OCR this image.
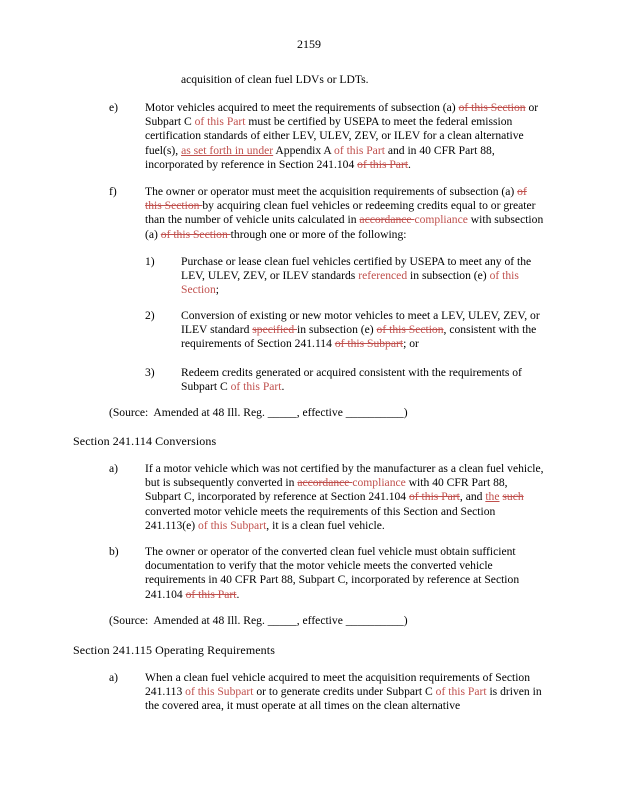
2159
acquisition of clean fuel LDVs or LDTs.
e) Motor vehicles acquired to meet the requirements of subsection (a) of this Section or Subpart C of this Part must be certified by USEPA to meet the federal emission certification standards of either LEV, ULEV, ZEV, or ILEV for a clean alternative fuel(s), as set forth in under Appendix A of this Part and in 40 CFR Part 88, incorporated by reference in Section 241.104 of this Part.
f) The owner or operator must meet the acquisition requirements of subsection (a) of this Section by acquiring clean fuel vehicles or redeeming credits equal to or greater than the number of vehicle units calculated in accordance compliance with subsection (a) of this Section through one or more of the following:
1) Purchase or lease clean fuel vehicles certified by USEPA to meet any of the LEV, ULEV, ZEV, or ILEV standards referenced in subsection (e) of this Section;
2) Conversion of existing or new motor vehicles to meet a LEV, ULEV, ZEV, or ILEV standard specified in subsection (e) of this Section, consistent with the requirements of Section 241.114 of this Subpart; or
3) Redeem credits generated or acquired consistent with the requirements of Subpart C of this Part.
(Source:  Amended at 48 Ill. Reg. _____, effective __________)
Section 241.114 Conversions
a) If a motor vehicle which was not certified by the manufacturer as a clean fuel vehicle, but is subsequently converted in accordance compliance with 40 CFR Part 88, Subpart C, incorporated by reference at Section 241.104 of this Part, and the such converted motor vehicle meets the requirements of this Section and Section 241.113(e) of this Subpart, it is a clean fuel vehicle.
b) The owner or operator of the converted clean fuel vehicle must obtain sufficient documentation to verify that the motor vehicle meets the converted vehicle requirements in 40 CFR Part 88, Subpart C, incorporated by reference at Section 241.104 of this Part.
(Source:  Amended at 48 Ill. Reg. _____, effective __________)
Section 241.115 Operating Requirements
a) When a clean fuel vehicle acquired to meet the acquisition requirements of Section 241.113 of this Subpart or to generate credits under Subpart C of this Part is driven in the covered area, it must operate at all times on the clean alternative
